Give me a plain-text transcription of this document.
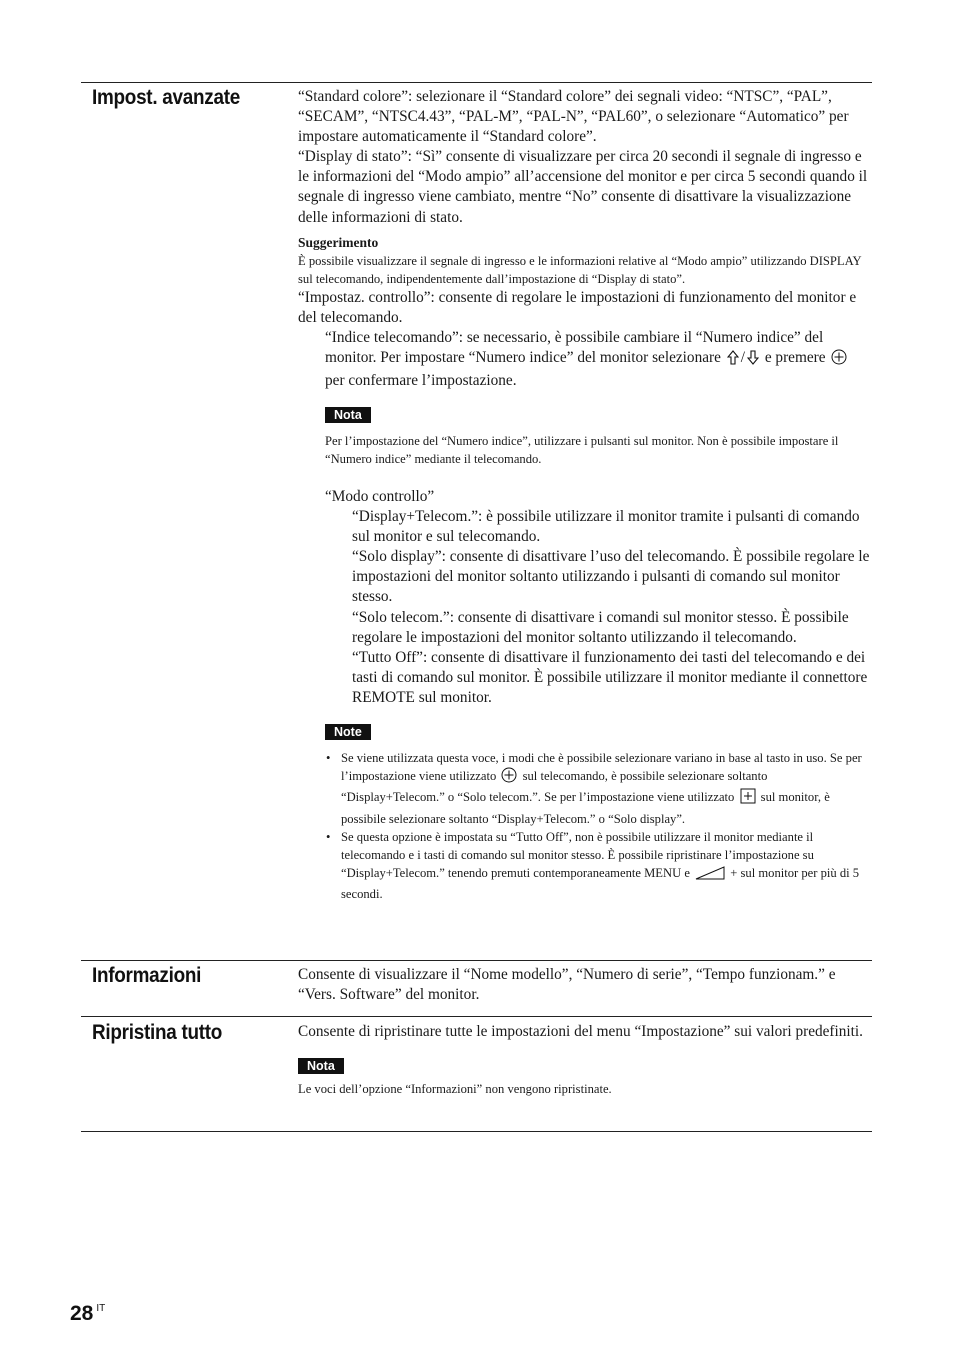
Impost. avanzate	“Standard colore”: selezionare il “Standard colore” dei segnali video: “NTSC”, “PAL”, “SECAM”, “NTSC4.43”, “PAL-M”, “PAL-N”, “PAL60”, o selezionare “Automatico” per impostare automaticamente il “Standard colore”.

“Display di stato”: “Sì” consente di visualizzare per circa 20 secondi il segnale di ingresso e le informazioni del “Modo ampio” all’accensione del monitor e per circa 5 secondi quando il segnale di ingresso viene cambiato, mentre “No” consente di disattivare la visualizzazione delle informazioni di stato.

Suggerimento

È possibile visualizzare il segnale di ingresso e le informazioni relative al “Modo ampio” utilizzando DISPLAY sul telecomando, indipendentemente dall’impostazione di “Display di stato”.

“Impostaz. controllo”: consente di regolare le impostazioni di funzionamento del monitor e del telecomando.

“Indice telecomando”: se necessario, è possibile cambiare il “Numero indice” del monitor. Per impostare “Numero indice” del monitor selezionare / e premere  per confermare l’impostazione.

Nota

Per l’impostazione del “Numero indice”, utilizzare i pulsanti sul monitor. Non è possibile impostare il “Numero indice” mediante il telecomando.

“Modo controllo”

“Display+Telecom.”: è possibile utilizzare il monitor tramite i pulsanti di comando sul monitor e sul telecomando.

“Solo display”: consente di disattivare l’uso del telecomando. È possibile regolare le impostazioni del monitor soltanto utilizzando i pulsanti di comando sul monitor stesso.

“Solo telecom.”: consente di disattivare i comandi sul monitor stesso. È possibile regolare le impostazioni del monitor soltanto utilizzando il telecomando.

“Tutto Off”: consente di disattivare il funzionamento dei tasti del telecomando e dei tasti di comando sul monitor. È possibile utilizzare il monitor mediante il connettore REMOTE sul monitor.

Note
• Se viene utilizzata questa voce, i modi che è possibile selezionare variano in base al tasto in uso. Se per l’impostazione viene utilizzato sul telecomando, è possibile selezionare soltanto “Display+Telecom.” o “Solo telecom.”. Se per l’impostazione viene utilizzato sul monitor, è possibile selezionare soltanto “Display+Telecom.” o “Solo display”.
• Se questa opzione è impostata su “Tutto Off”, non è possibile utilizzare il monitor mediante il telecomando e i tasti di comando sul monitor stesso. È possibile ripristinare l’impostazione su “Display+Telecom.” tenendo premuti contemporaneamente MENU e	+ sul monitor per più di 5 secondi.
Informazioni	Consente di visualizzare il “Nome modello”, “Numero di serie”, “Tempo funzionam.” e “Vers. Software” del monitor.

Ripristina tutto	Consente di ripristinare tutte le impostazioni del menu “Impostazione” sui valori predefiniti.

Nota

Le voci dell’opzione “Informazioni” non vengono ripristinate.

28 $^{IT}$
